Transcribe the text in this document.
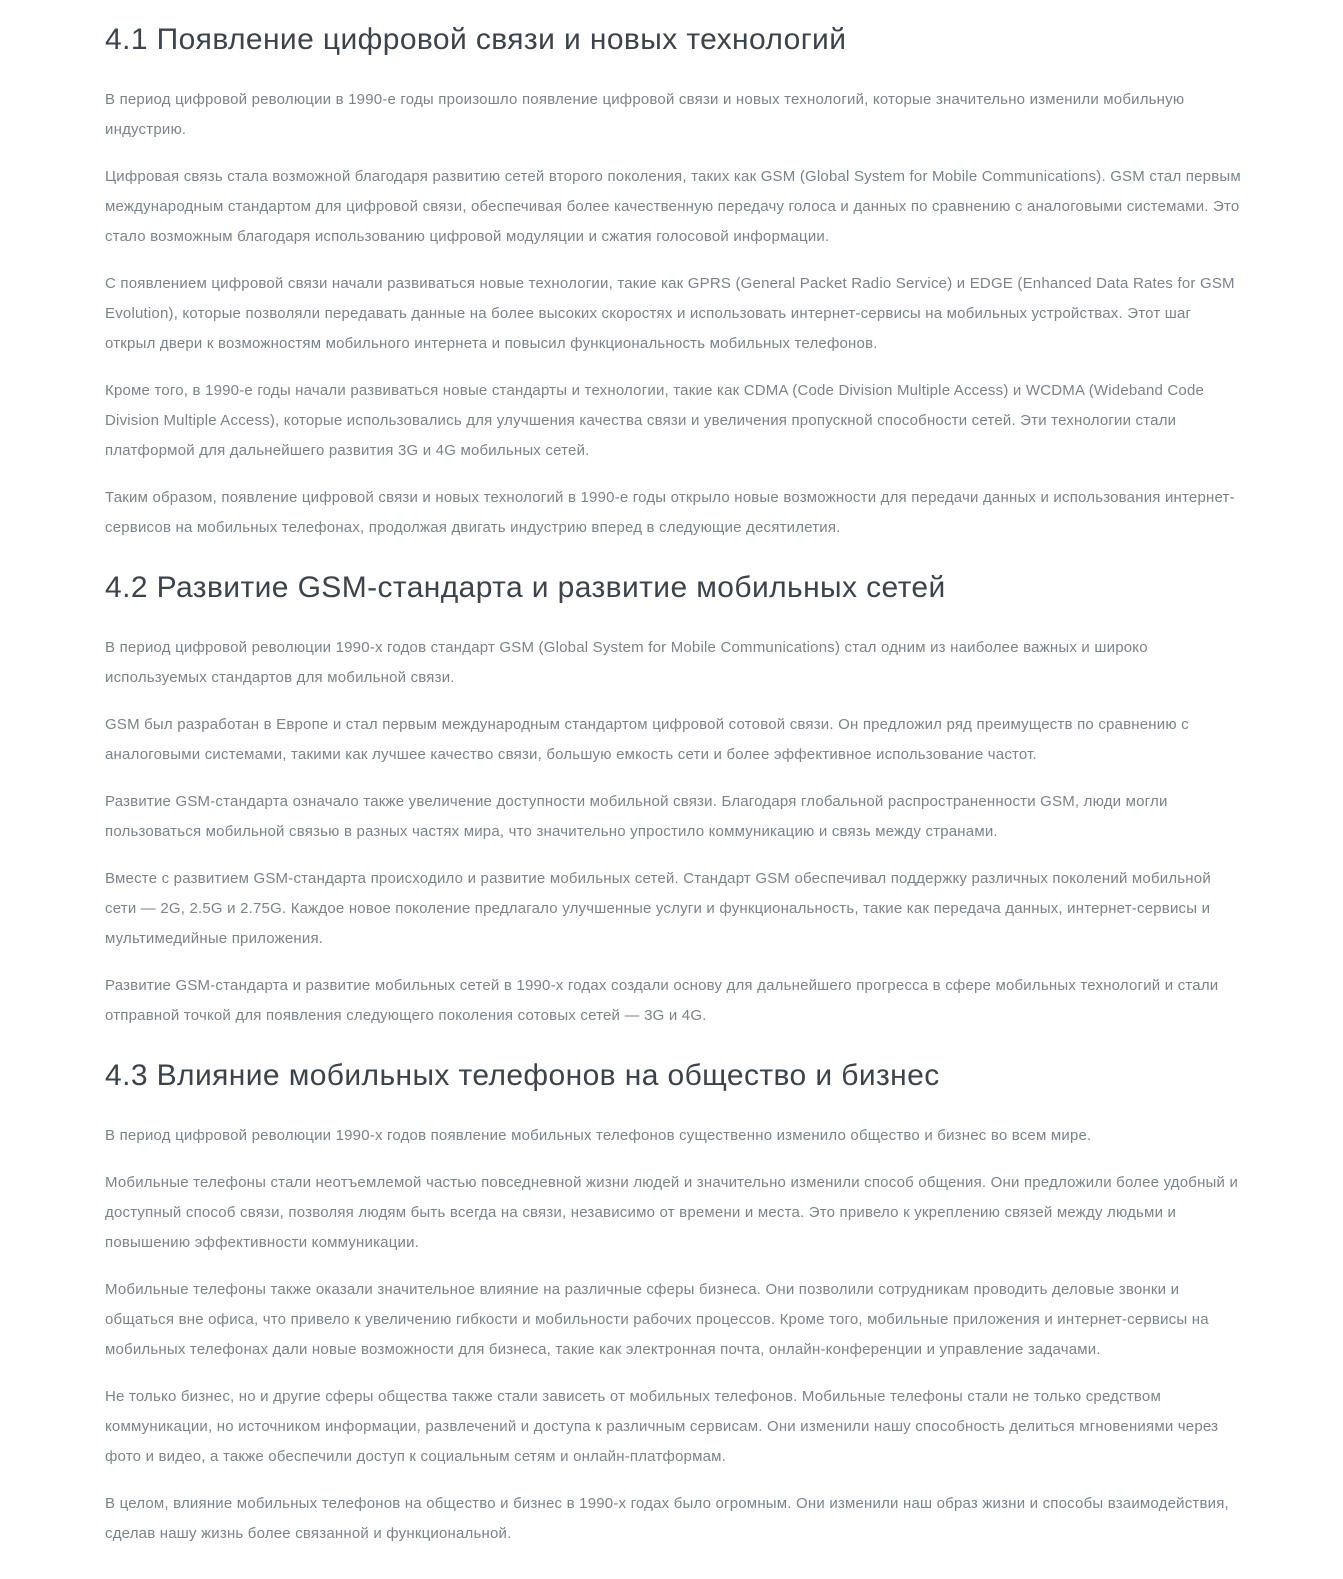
4.1 Появление цифровой связи и новых технологий

В период цифровой революции в 1990-е годы произошло появление цифровой связи и новых технологий, которые значительно изменили мобильную индустрию.

Цифровая связь стала возможной благодаря развитию сетей второго поколения, таких как GSM (Global System for Mobile Communications). GSM стал первым международным стандартом для цифровой связи, обеспечивая более качественную передачу голоса и данных по сравнению с аналоговыми системами. Это стало возможным благодаря использованию цифровой модуляции и сжатия голосовой информации.

С появлением цифровой связи начали развиваться новые технологии, такие как GPRS (General Packet Radio Service) и EDGE (Enhanced Data Rates for GSM Evolution), которые позволяли передавать данные на более высоких скоростях и использовать интернет-сервисы на мобильных устройствах. Этот шаг открыл двери к возможностям мобильного интернета и повысил функциональность мобильных телефонов.

Кроме того, в 1990-е годы начали развиваться новые стандарты и технологии, такие как CDMA (Code Division Multiple Access) и WCDMA (Wideband Code Division Multiple Access), которые использовались для улучшения качества связи и увеличения пропускной способности сетей. Эти технологии стали платформой для дальнейшего развития 3G и 4G мобильных сетей.

Таким образом, появление цифровой связи и новых технологий в 1990-е годы открыло новые возможности для передачи данных и использования интернет-сервисов на мобильных телефонах, продолжая двигать индустрию вперед в следующие десятилетия.

4.2 Развитие GSM-стандарта и развитие мобильных сетей

В период цифровой революции 1990-х годов стандарт GSM (Global System for Mobile Communications) стал одним из наиболее важных и широко используемых стандартов для мобильной связи.

GSM был разработан в Европе и стал первым международным стандартом цифровой сотовой связи. Он предложил ряд преимуществ по сравнению с аналоговыми системами, такими как лучшее качество связи, большую емкость сети и более эффективное использование частот.

Развитие GSM-стандарта означало также увеличение доступности мобильной связи. Благодаря глобальной распространенности GSM, люди могли пользоваться мобильной связью в разных частях мира, что значительно упростило коммуникацию и связь между странами.

Вместе с развитием GSM-стандарта происходило и развитие мобильных сетей. Стандарт GSM обеспечивал поддержку различных поколений мобильной сети — 2G, 2.5G и 2.75G. Каждое новое поколение предлагало улучшенные услуги и функциональность, такие как передача данных, интернет-сервисы и мультимедийные приложения.

Развитие GSM-стандарта и развитие мобильных сетей в 1990-х годах создали основу для дальнейшего прогресса в сфере мобильных технологий и стали отправной точкой для появления следующего поколения сотовых сетей — 3G и 4G.

4.3 Влияние мобильных телефонов на общество и бизнес

В период цифровой революции 1990-х годов появление мобильных телефонов существенно изменило общество и бизнес во всем мире.

Мобильные телефоны стали неотъемлемой частью повседневной жизни людей и значительно изменили способ общения. Они предложили более удобный и доступный способ связи, позволяя людям быть всегда на связи, независимо от времени и места. Это привело к укреплению связей между людьми и повышению эффективности коммуникации.

Мобильные телефоны также оказали значительное влияние на различные сферы бизнеса. Они позволили сотрудникам проводить деловые звонки и общаться вне офиса, что привело к увеличению гибкости и мобильности рабочих процессов. Кроме того, мобильные приложения и интернет-сервисы на мобильных телефонах дали новые возможности для бизнеса, такие как электронная почта, онлайн-конференции и управление задачами.

Не только бизнес, но и другие сферы общества также стали зависеть от мобильных телефонов. Мобильные телефоны стали не только средством коммуникации, но источником информации, развлечений и доступа к различным сервисам. Они изменили нашу способность делиться мгновениями через фото и видео, а также обеспечили доступ к социальным сетям и онлайн-платформам.

В целом, влияние мобильных телефонов на общество и бизнес в 1990-х годах было огромным. Они изменили наш образ жизни и способы взаимодействия, сделав нашу жизнь более связанной и функциональной.
